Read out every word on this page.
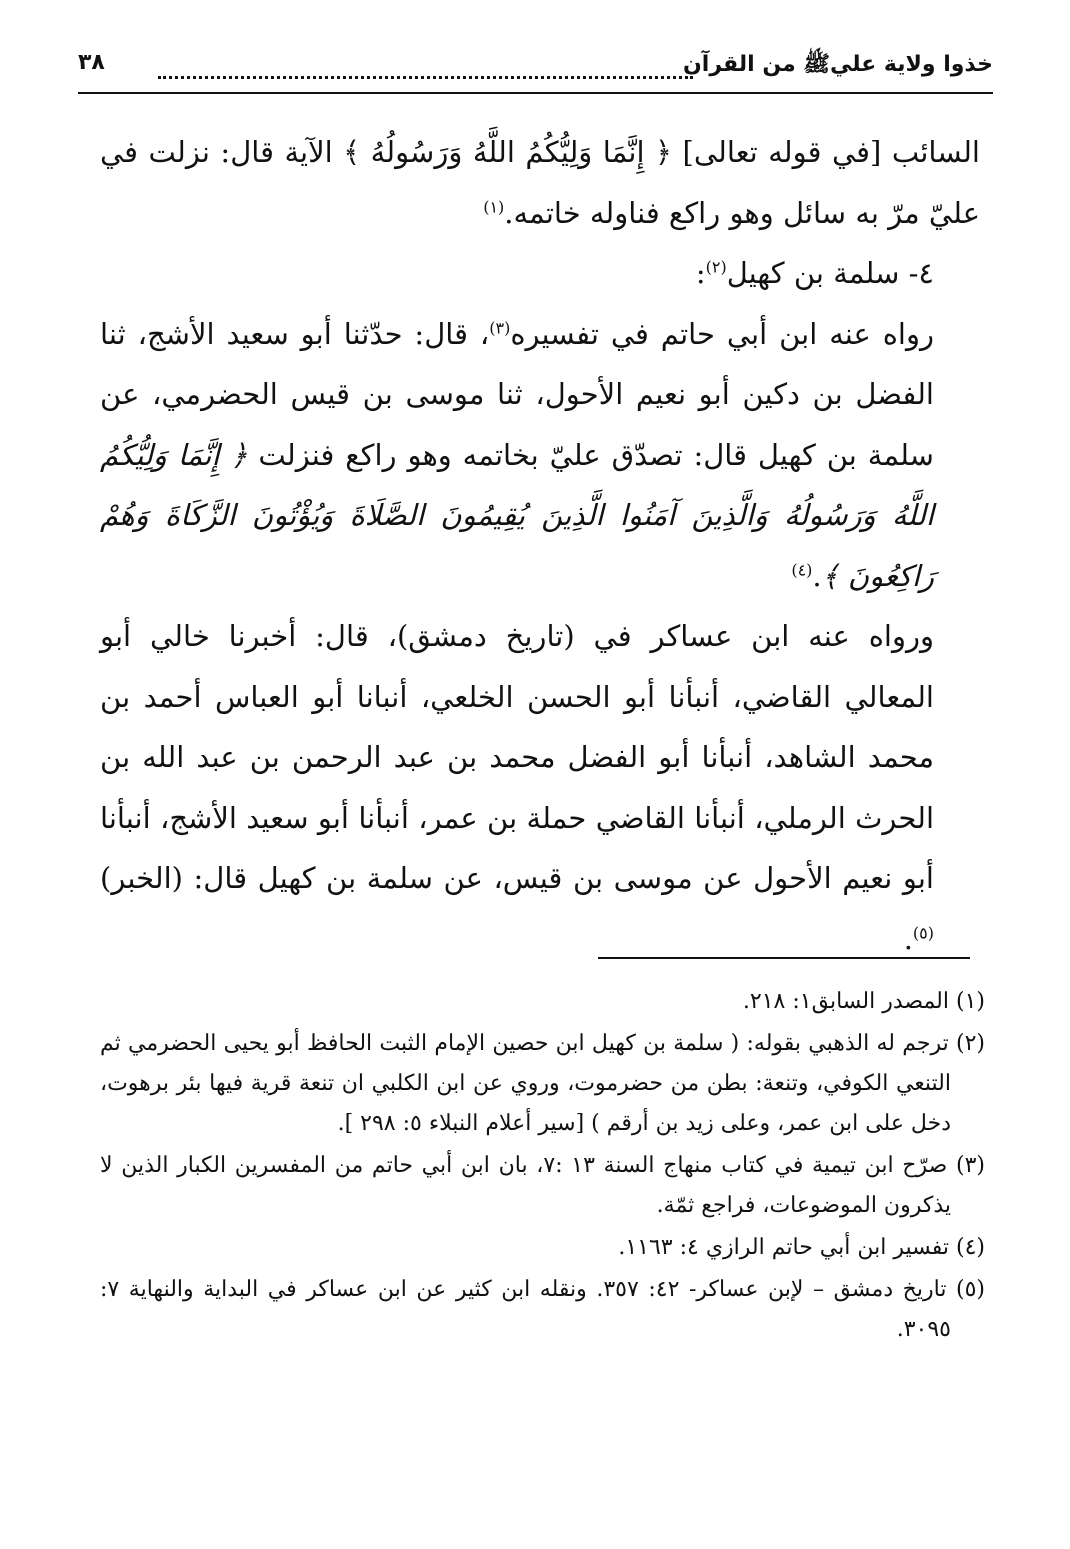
خذوا ولاية عليﷺ من القرآن
٣٨

السائب [في قوله تعالى] ﴿ إِنَّمَا وَلِيُّكُمُ اللَّهُ وَرَسُولُهُ ﴾ الآية قال: نزلت في عليّ مرّ به سائل وهو راكع فناوله خاتمه.$^{(١)}$

٤- سلمة بن كهيل$^{(٢)}$:

رواه عنه ابن أبي حاتم في تفسيره$^{(٣)}$، قال: حدّثنا أبو سعيد الأشج، ثنا الفضل بن دكين أبو نعيم الأحول، ثنا موسى بن قيس الحضرمي، عن سلمة بن كهيل قال: تصدّق عليّ بخاتمه وهو راكع فنزلت ﴿ إِنَّمَا وَلِيُّكُمُ اللَّهُ وَرَسُولُهُ وَالَّذِينَ آمَنُوا الَّذِينَ يُقِيمُونَ الصَّلَاةَ وَيُؤْتُونَ الزَّكَاةَ وَهُمْ رَاكِعُونَ ﴾.$^{(٤)}$

ورواه عنه ابن عساكر في (تاريخ دمشق)، قال: أخبرنا خالي أبو المعالي القاضي، أنبأنا أبو الحسن الخلعي، أنبانا أبو العباس أحمد بن محمد الشاهد، أنبأنا أبو الفضل محمد بن عبد الرحمن بن عبد الله بن الحرث الرملي، أنبأنا القاضي حملة بن عمر، أنبأنا أبو سعيد الأشج، أنبأنا أبو نعيم الأحول عن موسى بن قيس، عن سلمة بن كهيل قال: (الخبر)$^{(٥)}$.

(١) المصدر السابق١: ٢١٨.

(٢) ترجم له الذهبي بقوله: ( سلمة بن كهيل ابن حصين الإمام الثبت الحافظ أبو يحيى الحضرمي ثم التنعي الكوفي، وتنعة: بطن من حضرموت، وروي عن ابن الكلبي ان تنعة قرية فيها بئر برهوت، دخل على ابن عمر، وعلى زيد بن أرقم ) [سير أعلام النبلاء ٥: ٢٩٨ ].

(٣) صرّح ابن تيمية في كتاب منهاج السنة ١٣ :٧، بان ابن أبي حاتم من المفسرين الكبار الذين لا يذكرون الموضوعات، فراجع ثمّة.

(٤) تفسير ابن أبي حاتم الرازي ٤: ١١٦٣.

(٥) تاريخ دمشق – لإبن عساكر- ٤٢: ٣٥٧. ونقله ابن كثير عن ابن عساكر في البداية والنهاية ٧: ٣٠٩٥.
